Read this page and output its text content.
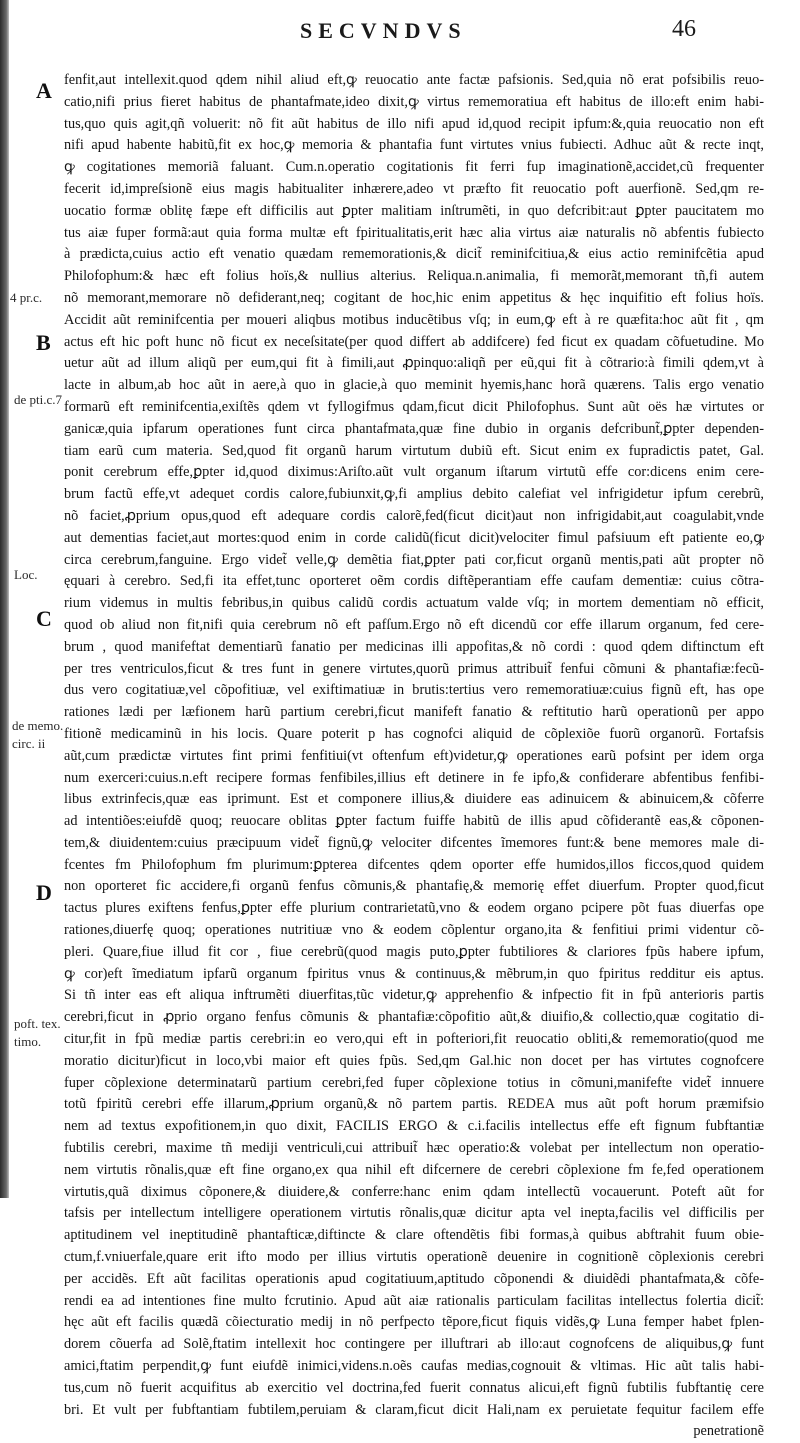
SECVNDVS	46
A
B
C
D
4 pr.c.
de pti.c.7
Loc.
de memo.
circ. ii
poft. tex.
timo.
fenfit,aut intellexit.quod qdem nihil aliud eft,ꝙ reuocatio ante factæ pafsionis. Sed,quia nõ erat pofsibilis reuo-
catio,nifi prius fieret habitus de phantafmate,ideo dixit,ꝙ virtus rememoratiua eft habitus de illo:eft enim habi-
tus,quo quis agit,qñ voluerit: nõ fit aũt habitus de illo nifi apud id,quod recipit ipfum:&,quia reuocatio non eft
nifi apud habente habitũ,fit ex hoc,ꝙ memoria & phantafia funt virtutes vnius fubiecti. Adhuc aũt & recte inqt,
ꝙ cogitationes memoriã faluant. Cum.n.operatio cogitationis fit ferri fup imaginationẽ,accidet,cũ frequenter
fecerit id,impreſsionẽ eius magis habitualiter inhærere,adeo vt præfto fit reuocatio poft auerfionẽ. Sed,qm re-
uocatio formæ oblitę fæpe eft difficilis aut ꝑpter malitiam inſtrumẽti, in quo defcribit:aut ꝑpter paucitatem mo
tus aiæ fuper formã:aut quia forma multæ eft fpiritualitatis,erit hæc alia virtus aiæ naturalis nõ abfentis fubiecto
à prædicta,cuius actio eft venatio quædam rememorationis,& dicit̃ reminifcitiua,& eius actio reminifcẽtia apud
Philofophum:& hæc eft folius hoïs,& nullius alterius. Reliqua.n.animalia, fi memorãt,memorant tñ,fi autem
nõ memorant,memorare nõ defiderant,neq; cogitant de hoc,hic enim appetitus & hęc inquifitio eft folius hoïs.
Accidit aũt reminifcentia per moueri aliqbus motibus inducẽtibus vſq; in eum,ꝙ eft à re quæfita:hoc aũt fit , qm
actus eft hic poft hunc nõ ficut ex neceſsitate(per quod differt ab addifcere) fed ficut ex quadam cõfuetudine. Mo
uetur aũt ad illum aliqũ per eum,qui fit à fimili,aut ꝓpinquo:aliqñ per eũ,qui fit à cõtrario:à fimili qdem,vt à
lacte in album,ab hoc aũt in aere,à quo in glacie,à quo meminit hyemis,hanc horã quærens. Talis ergo venatio
formarũ eft reminifcentia,exiſtẽs qdem vt fyllogifmus qdam,ficut dicit Philofophus. Sunt aũt oës hæ virtutes or
ganicæ,quia ipfarum operationes funt circa phantafmata,quæ fine dubio in organis defcribunt̃,ꝑpter dependen-
tiam earũ cum materia. Sed,quod fit organũ harum virtutum dubiũ eft. Sicut enim ex fupradictis patet, Gal.
ponit cerebrum effe,ꝑpter id,quod diximus:Ariſto.aũt vult organum iſtarum virtutũ effe cor:dicens enim cere-
brum factũ effe,vt adequet cordis calore,fubiunxit,ꝙ,fi amplius debito calefiat vel infrigidetur ipfum cerebrũ,
nõ faciet,ꝓprium opus,quod eft adequare cordis calorẽ,fed(ficut dicit)aut non infrigidabit,aut coagulabit,vnde
aut dementias faciet,aut mortes:quod enim in corde calidũ(ficut dicit)velociter fimul pafsiuum eft patiente eo,ꝙ
circa cerebrum,fanguine. Ergo videt̃ velle,ꝙ demẽtia fiat,ꝑpter pati cor,ficut organũ mentis,pati aũt propter nõ
ęquari à cerebro. Sed,fi ita effet,tunc oporteret oẽm cordis diftẽperantiam effe caufam dementiæ: cuius cõtra-
rium videmus in multis febribus,in quibus calidũ cordis actuatum valde vſq; in mortem dementiam nõ efficit,
quod ob aliud non fit,nifi quia cerebrum nõ eft pafſum.Ergo nõ eft dicendũ cor effe illarum organum, fed cere-
brum , quod manifeftat dementiarũ fanatio per medicinas illi appofitas,& nõ cordi : quod qdem diftinctum eft
per tres ventriculos,ficut & tres funt in genere virtutes,quorũ primus attribuit̃ fenfui cõmuni & phantafiæ:fecũ-
dus vero cogitatiuæ,vel cõpofitiuæ, vel exiftimatiuæ in brutis:tertius vero rememoratiuæ:cuius fignũ eft, has ope
rationes lædi per læfionem harũ partium cerebri,ficut manifeft fanatio & reftitutio harũ operationũ per appo
fitionẽ medicaminũ in his locis. Quare poterit p has cognofci aliquid de cõplexiõe fuorũ organorũ. Fortafsis
aũt,cum prædictæ virtutes fint primi fenfitiui(vt oftenfum eft)videtur,ꝙ operationes earũ pofsint per idem orga
num exerceri:cuius.n.eft recipere formas fenfibiles,illius eft detinere in fe ipfo,& confiderare abfentibus fenfibi-
libus extrinfecis,quæ eas iprimunt. Est et componere illius,& diuidere eas adinuicem & abinuicem,& cõferre
ad intentiões:eiufdẽ quoq; reuocare oblitas ꝑpter factum fuiffe habitũ de illis apud cõfiderantẽ eas,& cõponen-
tem,& diuidentem:cuius præcipuum videt̃ fignũ,ꝙ velociter difcentes ĩmemores funt:& bene memores male di-
fcentes fm Philofophum fm plurimum:ꝑpterea difcentes qdem oporter effe humidos,illos ficcos,quod quidem
non oporteret fic accidere,fi organũ fenfus cõmunis,& phantafię,& memorię effet diuerfum. Propter quod,ficut
tactus plures exiftens fenfus,ꝑpter effe plurium contrarietatũ,vno & eodem organo pcipere põt fuas diuerfas ope
rationes,diuerfę quoq; operationes nutritiuæ vno & eodem cõplentur organo,ita & fenfitiui primi videntur cõ-
pleri. Quare,fiue illud fit cor , fiue cerebrũ(quod magis puto,ꝑpter fubtiliores & clariores fpũs habere ipfum,
ꝙ cor)eft ĩmediatum ipfarũ organum fpiritus vnus & continuus,& mẽbrum,in quo fpiritus redditur eis aptus.
Si tñ inter eas eft aliqua inftrumẽti diuerfitas,tũc videtur,ꝙ apprehenfio & infpectio fit in fpũ anterioris partis
cerebri,ficut in ꝓprio organo fenfus cõmunis & phantafiæ:cõpofitio aũt,& diuifio,& collectio,quæ cogitatio di-
citur,fit in fpũ mediæ partis cerebri:in eo vero,qui eft in pofteriori,fit reuocatio obliti,& rememoratio(quod me
moratio dicitur)ficut in loco,vbi maior eft quies fpũs. Sed,qm Gal.hic non docet per has virtutes cognofcere
fuper cõplexione determinatarũ partium cerebri,fed fuper cõplexione totius in cõmuni,manifefte videt̃ innuere
totũ fpiritũ cerebri effe illarum,ꝓprium organũ,& nõ partem partis. REDEA mus aũt poft horum præmifsio
nem ad textus expofitionem,in quo dixit, FACILIS ERGO & c.i.facilis intellectus effe eft fignum fubftantiæ
fubtilis cerebri, maxime tñ mediji ventriculi,cui attribuit̃ hæc operatio:& volebat per intellectum non operatio-
nem virtutis rõnalis,quæ eft fine organo,ex qua nihil eft difcernere de cerebri cõplexione fm fe,fed operationem
virtutis,quã diximus cõponere,& diuidere,& conferre:hanc enim qdam intellectũ vocauerunt. Poteft aũt for
tafsis per intellectum intelligere operationem virtutis rõnalis,quæ dicitur apta vel inepta,facilis vel difficilis per
aptitudinem vel ineptitudinẽ phantafticæ,diftincte & clare oftendẽtis fibi formas,à quibus abftrahit fuum obie-
ctum,f.vniuerfale,quare erit ifto modo per illius virtutis operationẽ deuenire in cognitionẽ cõplexionis cerebri
per accidẽs. Eft aũt facilitas operationis apud cogitatiuum,aptitudo cõponendi & diuidẽdi phantafmata,& cõfe-
rendi ea ad intentiones fine multo fcrutinio. Apud aũt aiæ rationalis particulam facilitas intellectus folertia dicit̃:
hęc aũt eft facilis quædã cõiecturatio medij in nõ perfpecto tẽpore,ficut fiquis vidẽs,ꝙ Luna femper habet fplen-
dorem cõuerfa ad Solẽ,ftatim intellexit hoc contingere per illuftrari ab illo:aut cognofcens de aliquibus,ꝙ funt
amici,ftatim perpendit,ꝙ funt eiufdẽ inimici,videns.n.oẽs caufas medias,cognouit & vltimas. Hic aũt talis habi-
tus,cum nõ fuerit acquifitus ab exercitio vel doctrina,fed fuerit connatus alicui,eft fignũ fubtilis fubftantię cere
bri. Et vult per fubftantiam fubtilem,peruiam & claram,ficut dicit Hali,nam ex peruietate fequitur facilem effe
penetrationẽ
